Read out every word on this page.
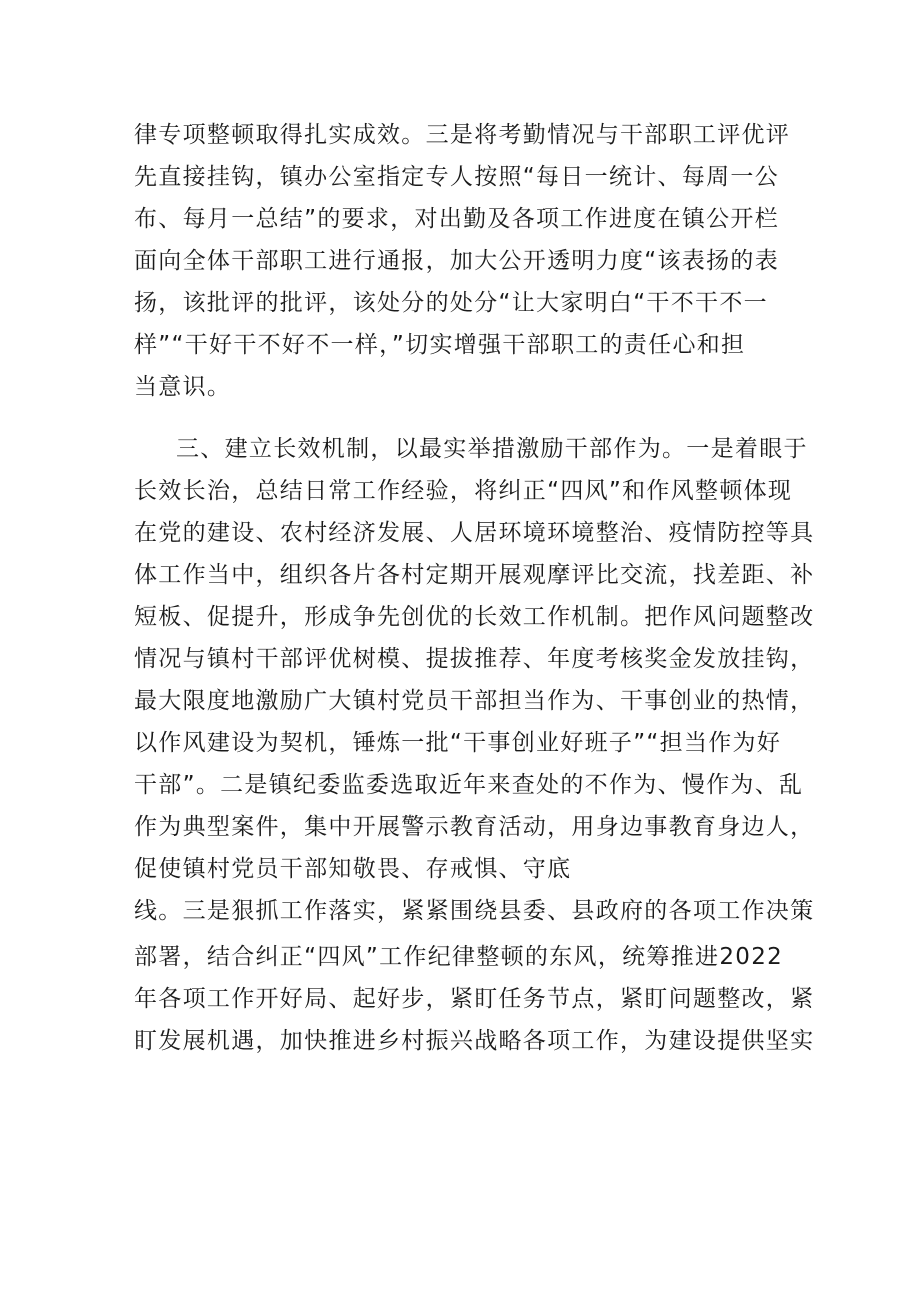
律专项整顿取得扎实成效。三是将考勤情况与干部职工评优评
先直接挂钩，镇办公室指定专人按照“每日一统计、每周一公
布、每月一总结”的要求，对出勤及各项工作进度在镇公开栏
面向全体干部职工进行通报，加大公开透明力度“该表扬的表
扬，该批评的批评，该处分的处分“让大家明白“干不干不一
样”“干好干不好不一样，”切实增强干部职工的责任心和担
当意识。
三、建立长效机制，以最实举措激励干部作为。一是着眼于
长效长治，总结日常工作经验，将纠正“四风”和作风整顿体现
在党的建设、农村经济发展、人居环境环境整治、疫情防控等具
体工作当中，组织各片各村定期开展观摩评比交流，找差距、补
短板、促提升，形成争先创优的长效工作机制。把作风问题整改
情况与镇村干部评优树模、提拔推荐、年度考核奖金发放挂钩，
最大限度地激励广大镇村党员干部担当作为、干事创业的热情，
以作风建设为契机，锤炼一批“干事创业好班子”“担当作为好
干部”。二是镇纪委监委选取近年来查处的不作为、慢作为、乱
作为典型案件，集中开展警示教育活动，用身边事教育身边人，
促使镇村党员干部知敬畏、存戒惧、守底
线。三是狠抓工作落实，紧紧围绕县委、县政府的各项工作决策
部署，结合纠正“四风”工作纪律整顿的东风，统筹推进2022
年各项工作开好局、起好步，紧盯任务节点，紧盯问题整改，紧
盯发展机遇，加快推进乡村振兴战略各项工作，为建设提供坚实
